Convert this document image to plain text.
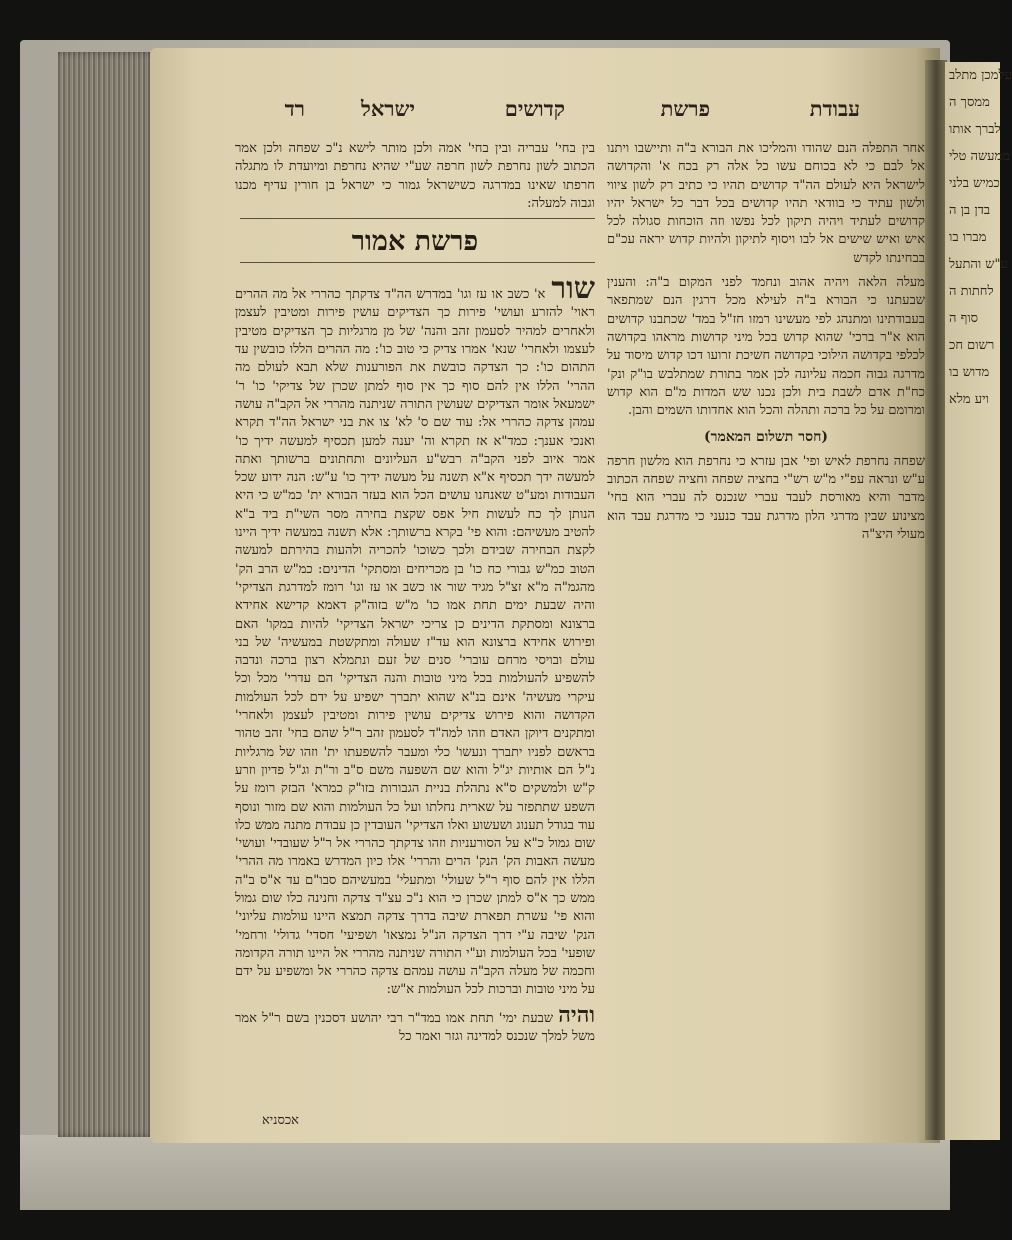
עבודת
פרשת
קדושים
ישראל
רד

אחר התפלה הנם שהודו והמליכו את הבורא ב"ה ותיישבו ויתנו אל לבם כי לא בכוחם עשו כל אלה רק בכח א' והקדושה לישראל היא לעולם הה"ד קדושים תהיו כי כתיב רק לשון ציווי ולשון עתיד כי בוודאי תהיו קדושים בכל דבר כל ישראל יהיו קדושים לעתיד ויהיה תיקון לכל נפשו וזה הוכחות סגולה לכל איש ואיש שישים אל לבו ויסוף לתיקון ולהיות קדוש יראה עכ"ם בבחינתו לקדש

מעלה הלאה ויהיה אהוב ונחמד לפני המקום ב"ה: והענין שבעתנו כי הבורא ב"ה לעילא מכל דרגין הנם שמתפאר בעבודתינו ומתנהג לפי מעשינו רמזו חז"ל במד' שכתבנו קדושים הוא א"ר ברכי' שהוא קדוש בכל מיני קדושות מראהו בקדושה לכלפי בקדושה הילוכי בקדושה חשיכת זרועו דכו קדוש מיסוד על מדרגה גבוה חכמה עליונה לכן אמר בתורת שמתלבש בו"ק ונק' כח"ת אדם לשבת בית ולכן נכנו שש המדות מ"ם הוא קדוש ומרומם על כל ברכה ותהלה והכל הוא אחדותו השמים והבן.

(חסר תשלום המאמר)

שפחה נחרפת לאיש ופי' אבן עזרא כי נחרפת הוא מלשון חרפה ע"ש ונראה עפ"י מ"ש רש"י בחציה שפחה וחציה שפחה הכתוב מדבר והיא מאורסת לעבד עברי שנכנס לה עברי הוא בחי' מצינוע שבין מדרגי הלון מדרגת עבד כנעני כי מדרגת עבד הוא מעולי היצ"ה

בין בחי' עבריה ובין בחי' אמה ולכן מותר לישא נ"כ שפחה ולכן אמר הכתוב לשון נחרפת לשון חרפה שע"י שהיא נחרפת ומיועדת לו מתגלה חרפתו שאינו במדרגה כשישראל גמור כי ישראל בן חורין עדיף מכנו וגבוה למעלה:

שורא' כשב או עז וגו' במדרש הה"ד צדקתך כהררי אל מה ההרים ראוי' להזרע ועושי' פירות כך הצדיקים עושין פירות ומטיבין לעצמן ולאחרים למהיר לסעמון זהב והנה' של מן מרגליות כך הצדיקים מטיבין לעצמו ולאחרי' שנא' אמרו צדיק כי טוב כו': מה ההרים הללו כובשין עד התהום כו': כך הצדקה כובשת את הפורענות שלא תבא לעולם מה ההרי' הללו אין להם סוף כך אין סוף למתן שכרן של צדיקי' כו' ר' ישמעאל אומר הצדיקים שעושין התורה שניתנה מהררי אל הקב"ה עושה עמהן צדקה כהררי אל: עוד שם ס' לא' צו את בני ישראל הה"ד תקרא ואנכי אענך: כמד"א אז תקרא וה' יענה למען תכסיף למעשה ידיך כו' אמר איוב לפני הקב"ה רבש"ע העליונים ותחתונים ברשותך ואתה למעשה ידך תכסיף א"א תשנה על מעשה ידיך כו' ע"ש: הנה ידוע שכל העבודות ומע"ט שאנחנו עושים הכל הוא בעזר הבורא ית' כמ"ש כי היא הנותן לך כח לעשות חיל אפס שקצת בחירה מסר השי"ת ביד ב"א להטיב מעשיהם: והוא פי' בקרא ברשותך: אלא תשנה במעשה ידיך היינו לקצת הבחירה שבידם ולכך כשוכו' להכריה ולהעות בהירתם למעשה הטוב כמ"ש גבורי כח כו' בן מכריחים ומסתקי' הדינים: כמ"ש הרב הק' מהגמ"ה מ"א זצ"ל מגיד שור או כשב או עז וגו' רומז למדרגת הצדיקי' והיה שבעת ימים תחת אמו כו' מ"ש בזוה"ק דאמא קדישא אחידא ברצונא ומסתקת הדינים כן צריכי ישראל הצדיקי' להיות במקו' האם ופירוש אחידא ברצונא הוא עד"ז שעולה ומתקשטת במעשיה' של בני עולם ובויסי מרחם עוברי' סנים של זעם ונתמלא רצון ברכה ונדבה להשפיע להעולמות בכל מיני טובות והנה הצדיקי' הם עדרי' מכל וכל עיקרי מעשיה' אינם בנ"א שהוא יתברך ישפיע על ידם לכל העולמות הקדושה והוא פירוש צדיקים עושין פירות ומטיבין לעצמן ולאחרי' ומתקנים דיוקן האדם וזהו למה"ד לסעמון זהב ר"ל שהם בחי' זהב טהור בראשם לפניו יתברך ונעשו' כלי ומעבר להשפעתו ית' וזהו של מרגליות נ"ל הם אותיות יג"ל והוא שם השפעה משם ס"ב ור"ת וג"ל פדיון וזרע ק"ש ולמשקים ס"א נתהלת בניית הגבורות בזו"ק כמרא' הבזק רומז על השפע שתתפזר על שארית נחלתו ועל כל העולמות והוא שם מזור ונוסף עוד בגודל תענוג ושעשוע ואלו הצדיקי' העובדין כן עבודת מתנה ממש כלו שום גמול כ"א על הסורעניות וזהו צדקתך כהררי אל ר"ל שעובדי' ועושי' מעשה האבות הק' הנק' הרים והררי' אלו כיון המדרש באמרו מה ההרי' הללו אין להם סוף ר"ל שעולי' ומתעלי' במעשיהם סבו"ם עד א"ס ב"ה ממש כך א"ס למתן שכרן כי הוא נ"כ עצ"ד צדקה וחנינה כלו שום גמול והוא פי' עשרת תפארת שיבה בדרך צדקה תמצא היינו עולמות עליוני' הנק' שיבה ע"י דרך הצדקה הנ"ל נמצאו' ושפיעי' חסדי' גדולי' ורחמי' שופעי' בכל העולמות וע"י התורה שניתנה מהררי אל היינו תורה הקדומה וחכמה של מעלה הקב"ה עושה עמהם צדקה כהררי אל ומשפיע על ידם על מיני טובות וברכות לכל העולמות א"ש:

והיה שבעת ימי' תחת אמו במד"ר רבי יהושע דסכנין בשם ר"ל אמר משל למלך שנכנס למדינה וגזר ואמר כל

פרשת אמור
אכסניא
עלמכן מתלב
ממסך ה
לברך אותו
ממעשה טלי
כמיש בלני
בדן בן ה
מברו בו
ע"ש והתעל
לחתות ה
סוף ה
רשום חכ
מדוש בו
ויע מלא
